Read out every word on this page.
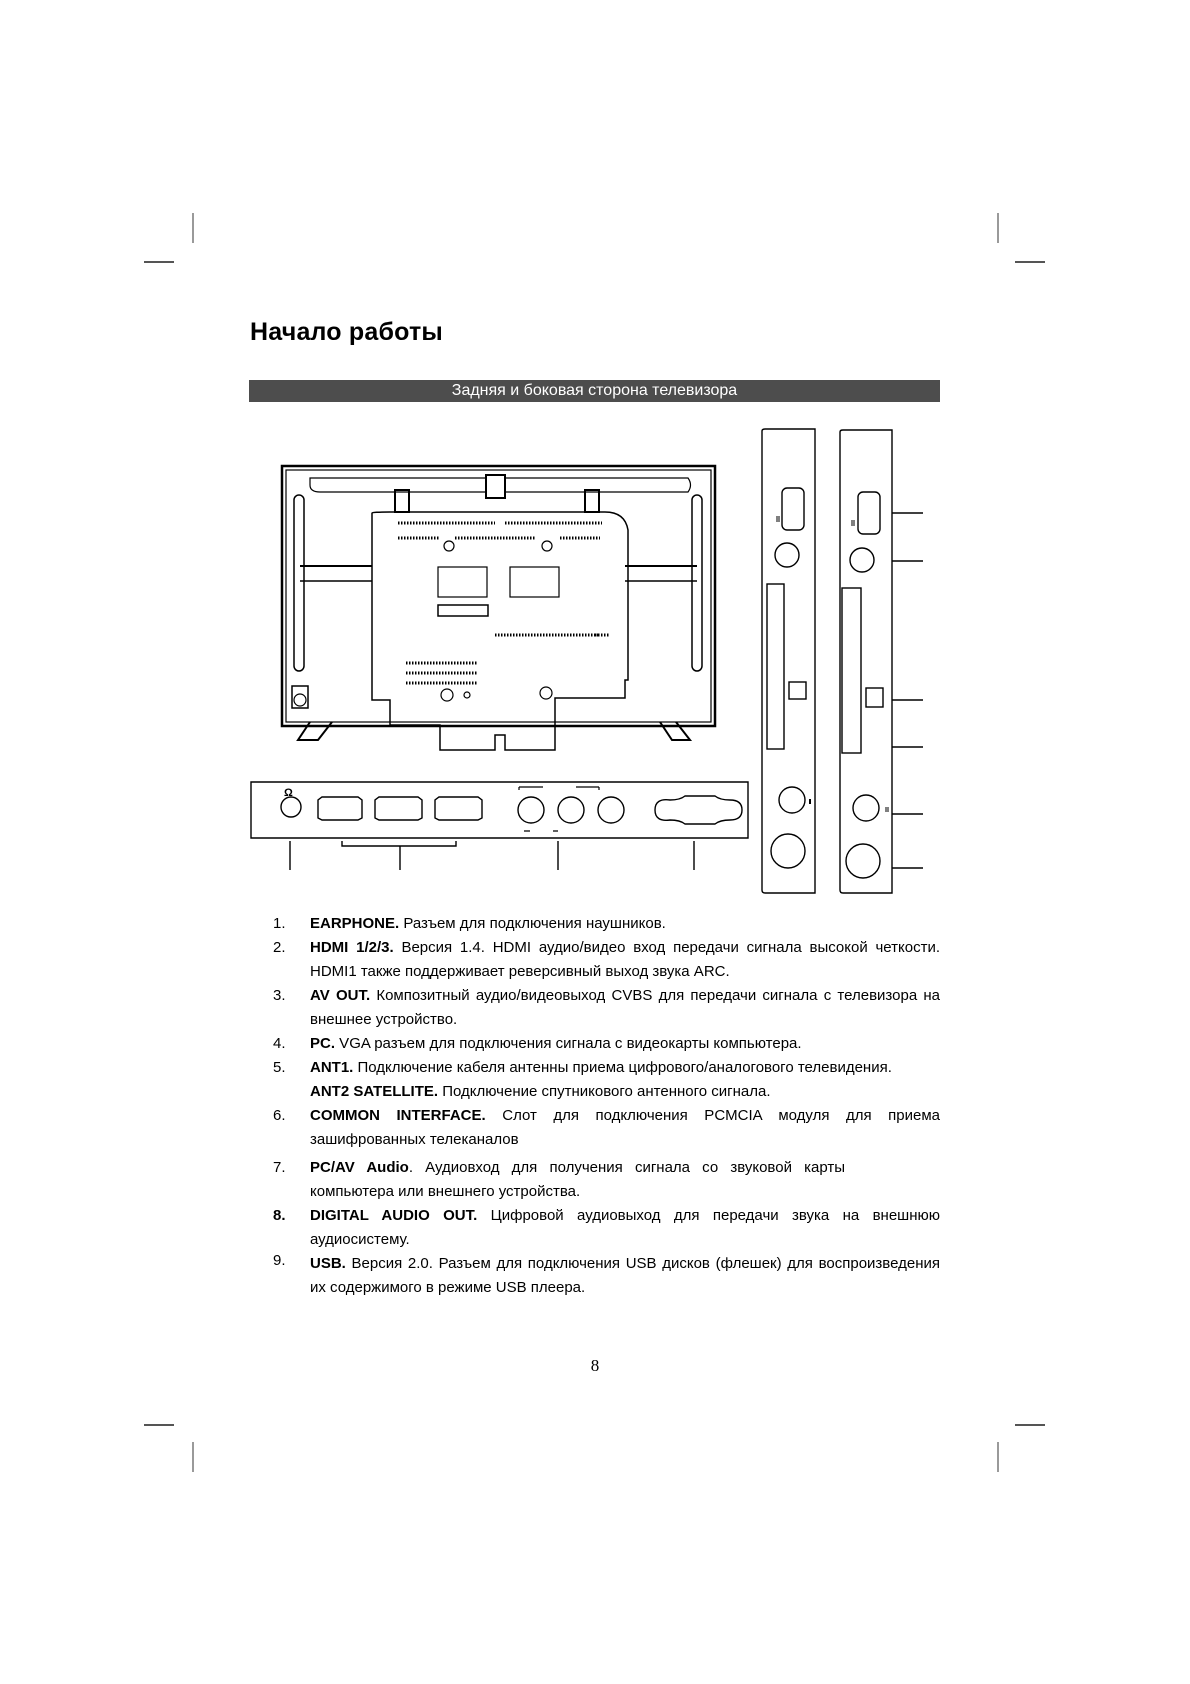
Начало работы
Задняя и боковая сторона телевизора
Ω
1. EARPHONE. Разъем для подключения наушников.
2. HDMI 1/2/3. Версия 1.4. HDMI аудио/видео вход передачи сигнала высокой четкости. HDMI1 также поддерживает реверсивный выход звука ARC.
3. AV OUT. Композитный аудио/видеовыход CVBS для передачи сигнала с телевизора на внешнее устройство.
4. PC. VGA разъем для подключения сигнала с видеокарты компьютера.
5. ANT1. Подключение кабеля антенны приема цифрового/аналогового телевидения.
ANT2 SATELLITE. Подключение спутникового антенного сигнала.
6. COMMON INTERFACE. Слот для подключения PCMCIA модуля для приема зашифрованных телеканалов
7. PC/AV Audio. Аудиовход для получения сигнала со звуковой карты компьютера или внешнего устройства.
8. DIGITAL AUDIO OUT. Цифровой аудиовыход для передачи звука на внешнюю аудиосистему.
9. USB. Версия 2.0. Разъем для подключения USB дисков (флешек) для воспроизведения их содержимого в режиме USB плеера.
8
